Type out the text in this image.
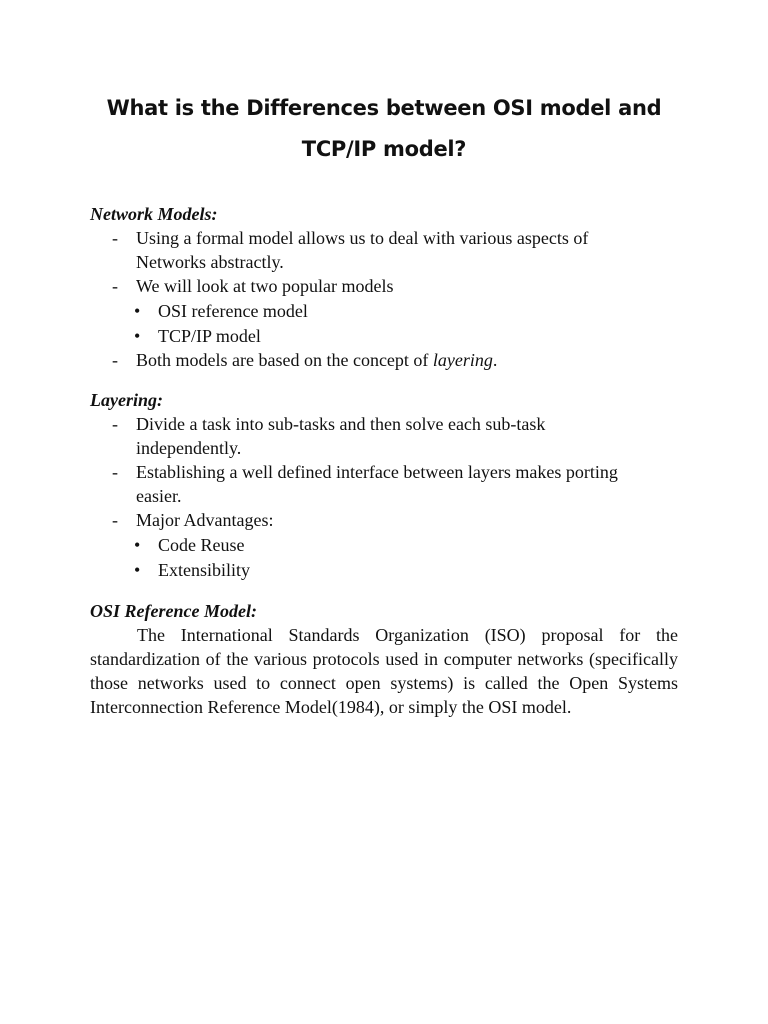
What is the Differences between OSI model and
TCP/IP model?
Network Models:
- Using a formal model allows us to deal with various aspects of
Networks abstractly.
- We will look at two popular models
• OSI reference model
• TCP/IP model
- Both models are based on the concept of layering.
Layering:
- Divide a task into sub-tasks and then solve each sub-task
independently.
- Establishing a well defined interface between layers makes porting
easier.
- Major Advantages:
• Code Reuse
• Extensibility
OSI Reference Model:
The International Standards Organization (ISO) proposal for the standardization of the various protocols used in computer networks (specifically those networks used to connect open systems) is called the Open Systems Interconnection Reference Model(1984), or simply the OSI model.
